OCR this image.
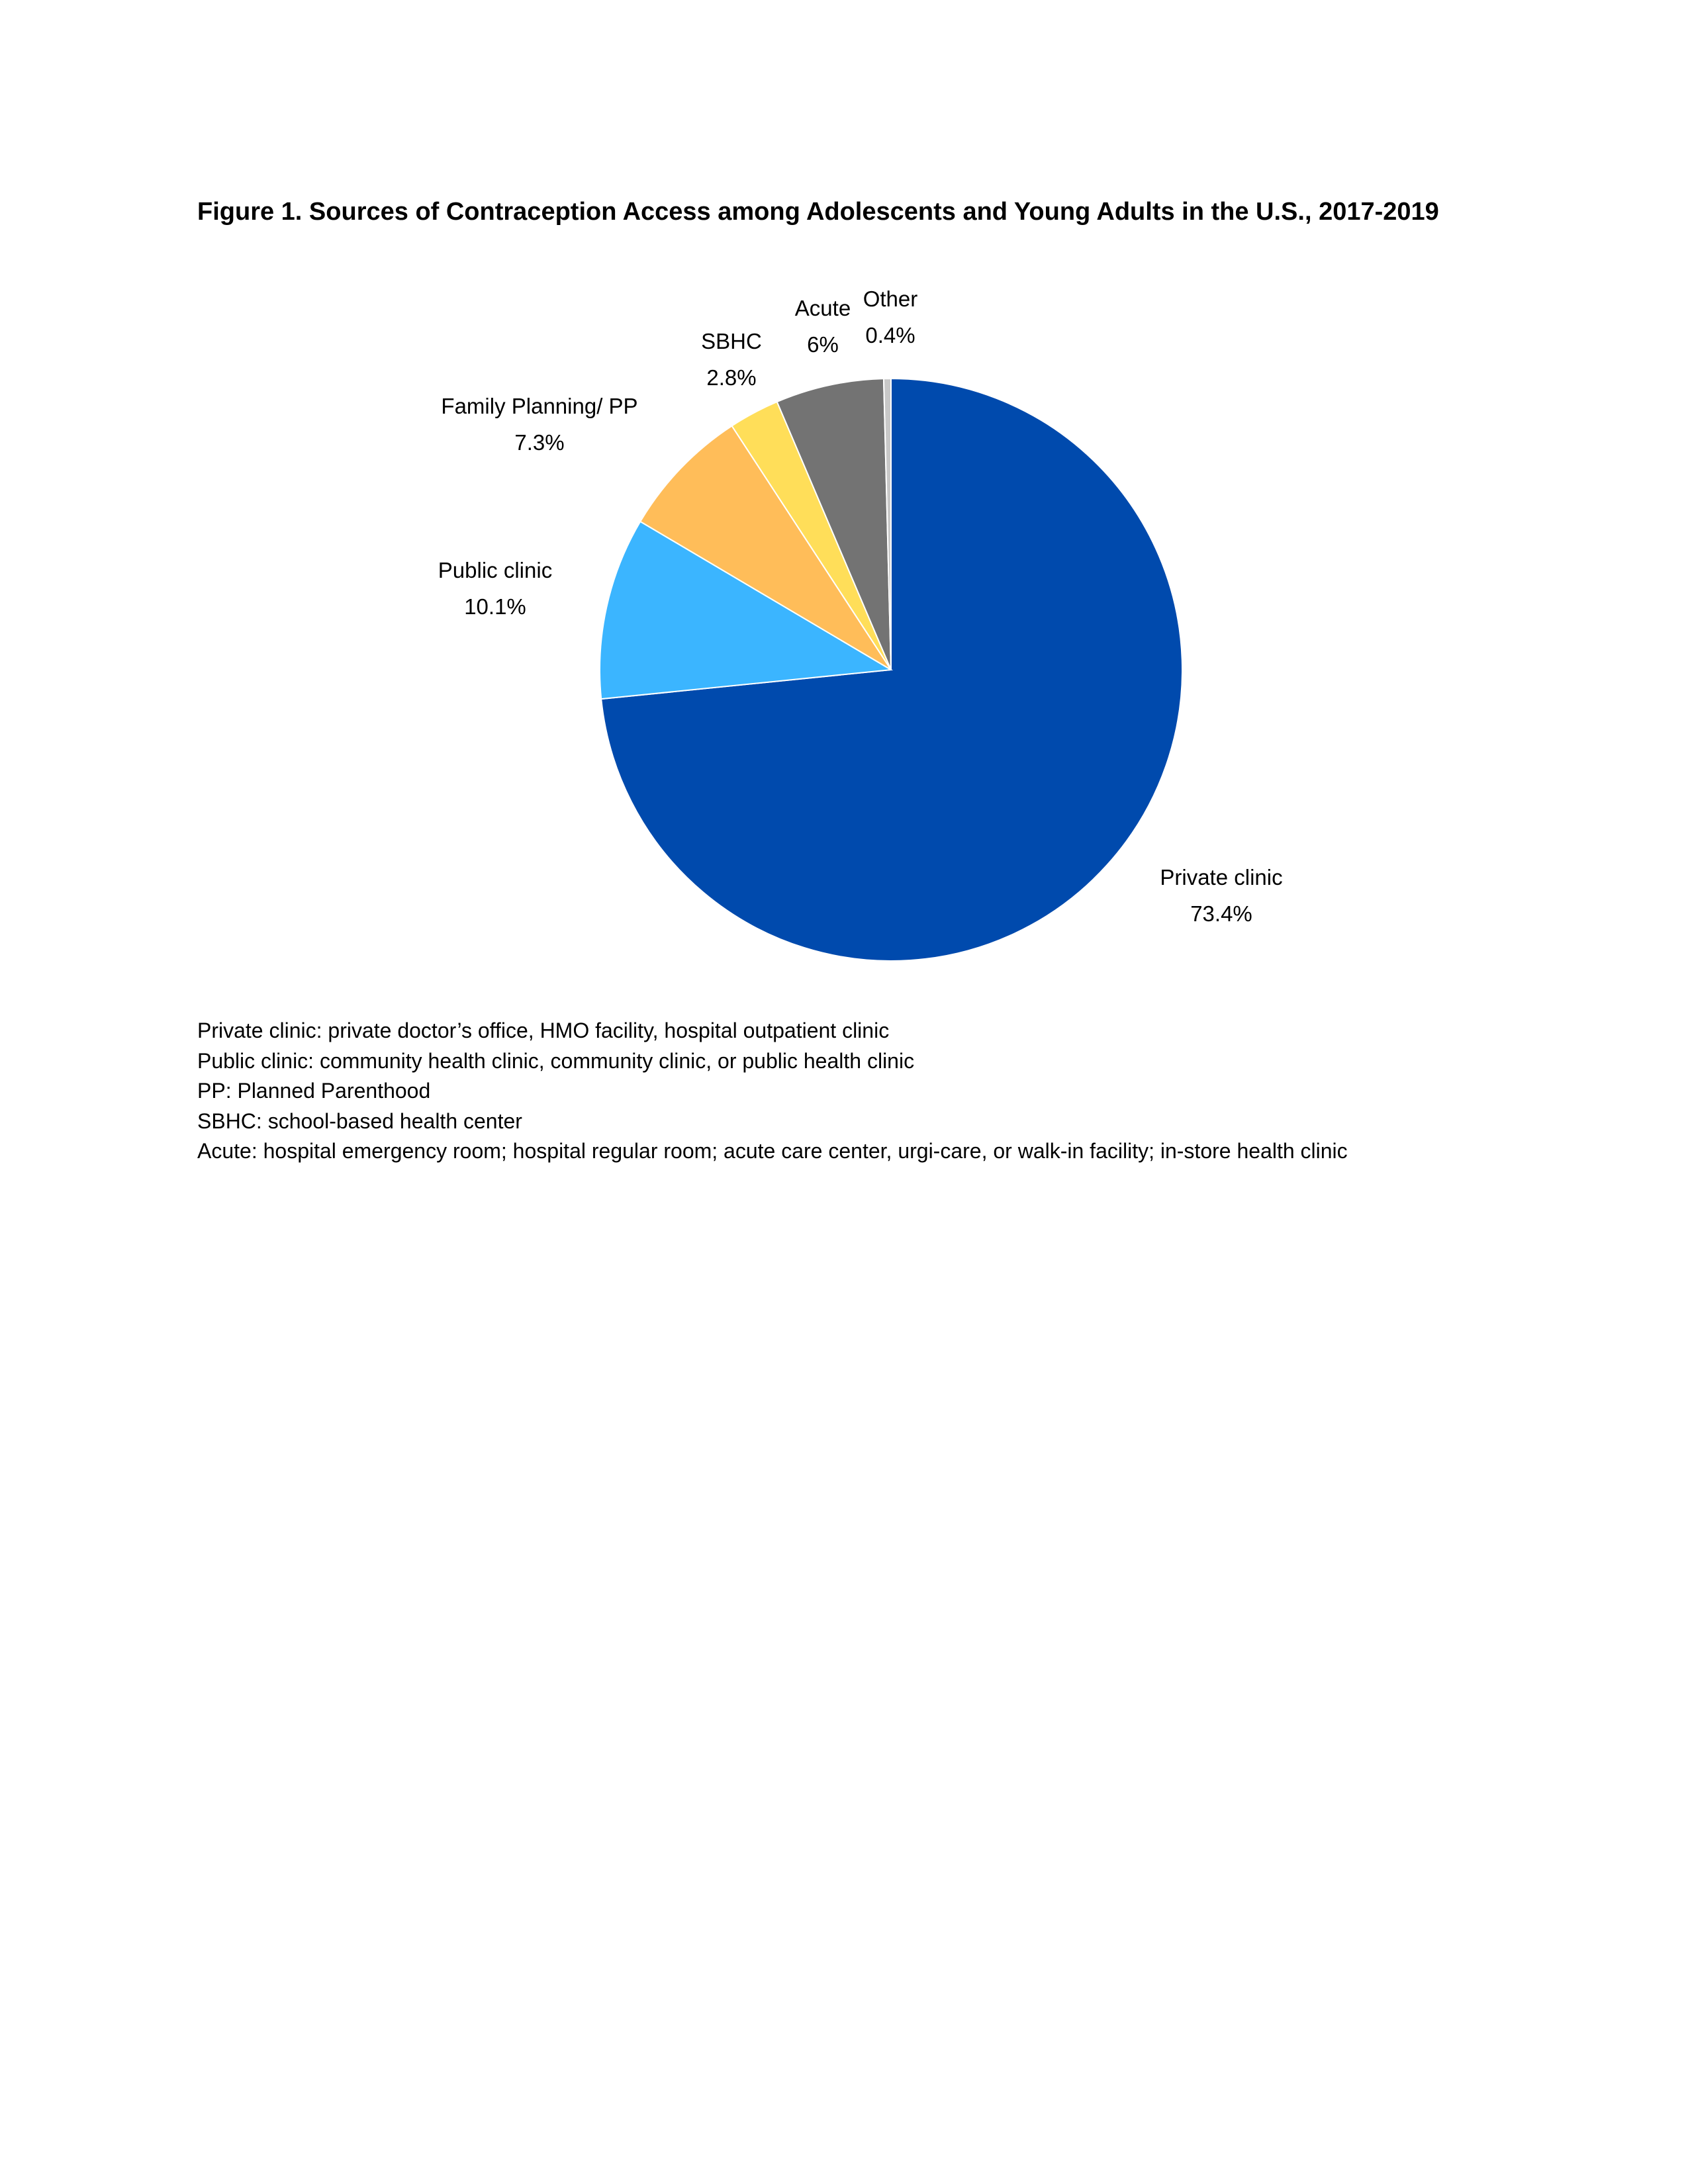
Figure 1. Sources of Contraception Access among Adolescents and Young Adults in the U.S., 2017-2019
Private clinic
73.4%
Public clinic
10.1%
Family Planning/ PP
7.3%
SBHC
2.8%
Acute
6%
Other
0.4%
Private clinic: private doctor’s office, HMO facility, hospital outpatient clinic
Public clinic: community health clinic, community clinic, or public health clinic
PP: Planned Parenthood
SBHC: school-based health center
Acute: hospital emergency room; hospital regular room; acute care center, urgi-care, or walk-in facility; in-store health clinic
